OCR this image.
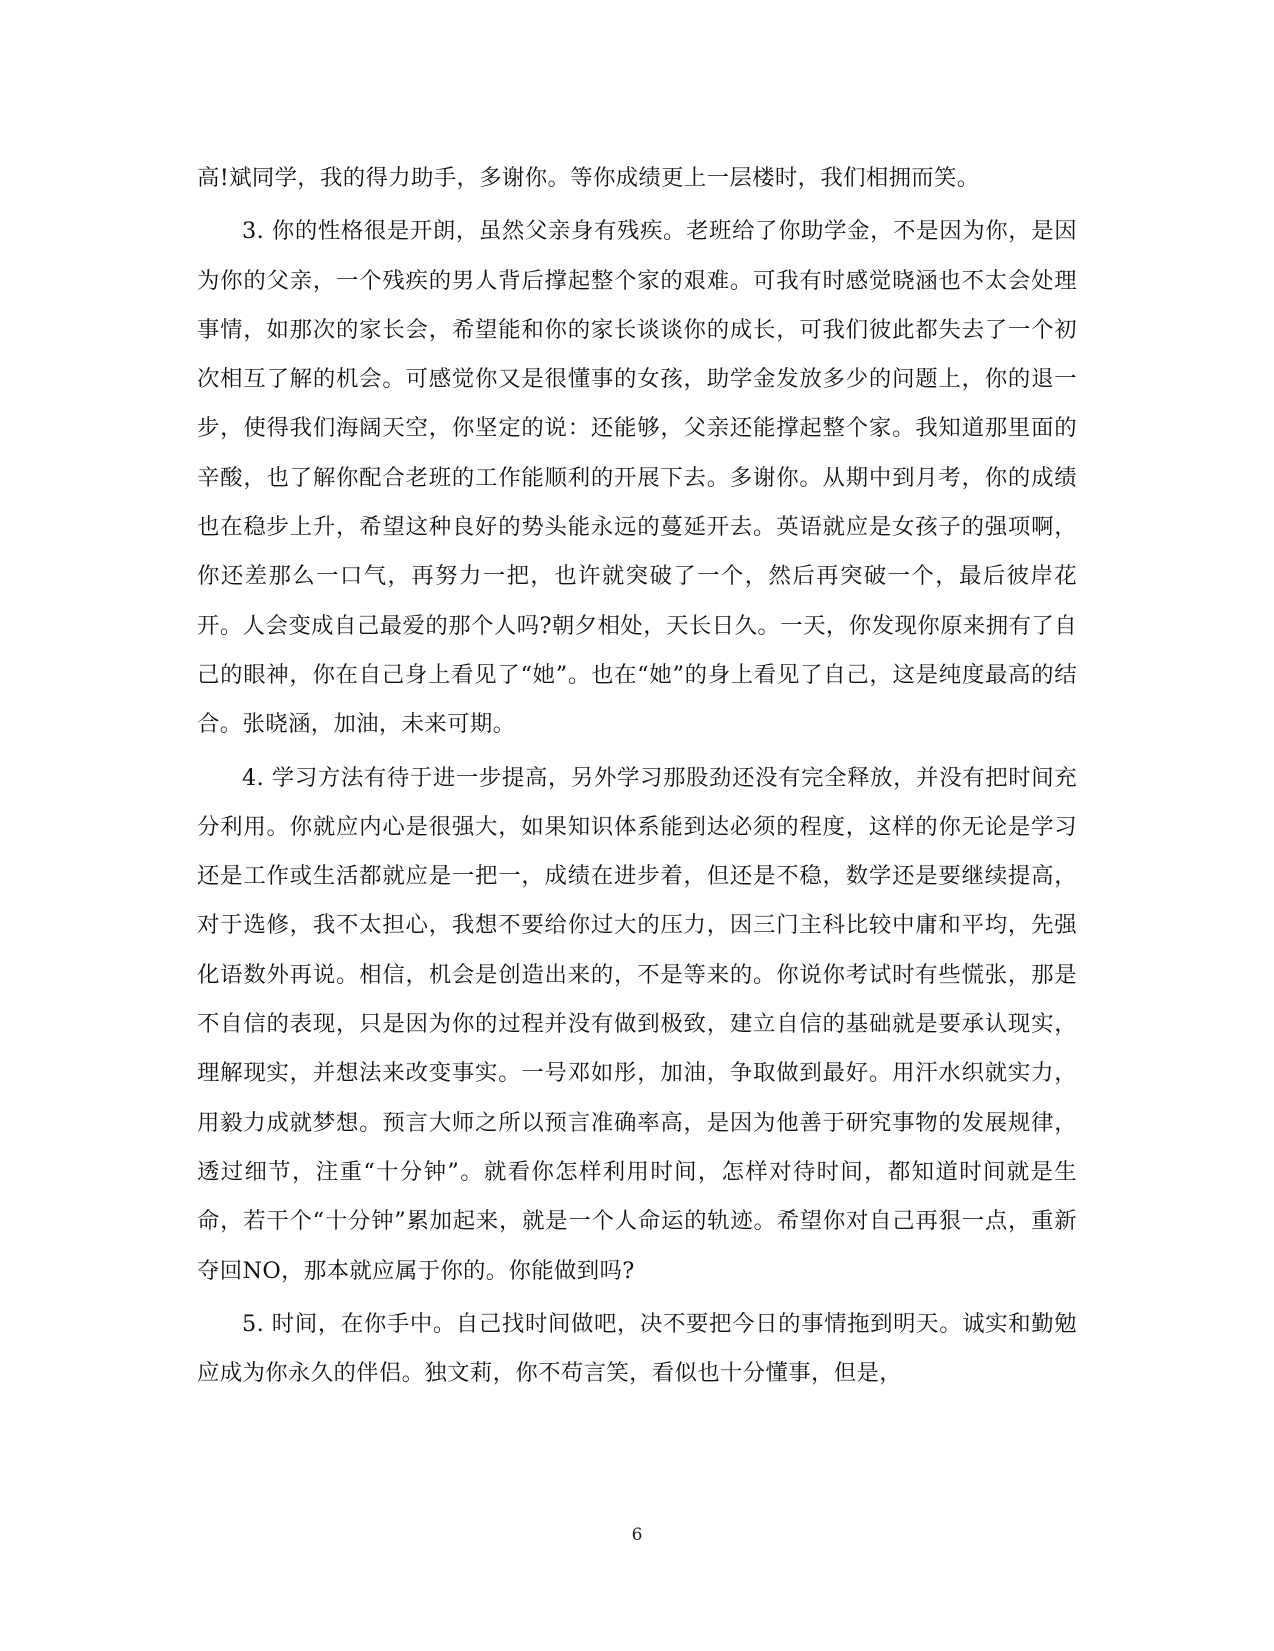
高!斌同学，我的得力助手，多谢你。等你成绩更上一层楼时，我们相拥而笑。

3. 你的性格很是开朗，虽然父亲身有残疾。老班给了你助学金，不是因为你，是因为你的父亲，一个残疾的男人背后撑起整个家的艰难。可我有时感觉晓涵也不太会处理事情，如那次的家长会，希望能和你的家长谈谈你的成长，可我们彼此都失去了一个初次相互了解的机会。可感觉你又是很懂事的女孩，助学金发放多少的问题上，你的退一步，使得我们海阔天空，你坚定的说：还能够，父亲还能撑起整个家。我知道那里面的辛酸，也了解你配合老班的工作能顺利的开展下去。多谢你。从期中到月考，你的成绩也在稳步上升，希望这种良好的势头能永远的蔓延开去。英语就应是女孩子的强项啊，你还差那么一口气，再努力一把，也许就突破了一个，然后再突破一个，最后彼岸花开。人会变成自己最爱的那个人吗?朝夕相处，天长日久。一天，你发现你原来拥有了自己的眼神，你在自己身上看见了“她”。也在“她”的身上看见了自己，这是纯度最高的结合。张晓涵，加油，未来可期。

4. 学习方法有待于进一步提高，另外学习那股劲还没有完全释放，并没有把时间充分利用。你就应内心是很强大，如果知识体系能到达必须的程度，这样的你无论是学习还是工作或生活都就应是一把一，成绩在进步着，但还是不稳，数学还是要继续提高，对于选修，我不太担心，我想不要给你过大的压力，因三门主科比较中庸和平均，先强化语数外再说。相信，机会是创造出来的，不是等来的。你说你考试时有些慌张，那是不自信的表现，只是因为你的过程并没有做到极致，建立自信的基础就是要承认现实，理解现实，并想法来改变事实。一号邓如彤，加油，争取做到最好。用汗水织就实力，用毅力成就梦想。预言大师之所以预言准确率高，是因为他善于研究事物的发展规律，透过细节，注重“十分钟”。就看你怎样利用时间，怎样对待时间，都知道时间就是生命，若干个“十分钟”累加起来，就是一个人命运的轨迹。希望你对自己再狠一点，重新夺回NO，那本就应属于你的。你能做到吗?

5. 时间，在你手中。自己找时间做吧，决不要把今日的事情拖到明天。诚实和勤勉应成为你永久的伴侣。独文莉，你不苟言笑，看似也十分懂事，但是，

6
